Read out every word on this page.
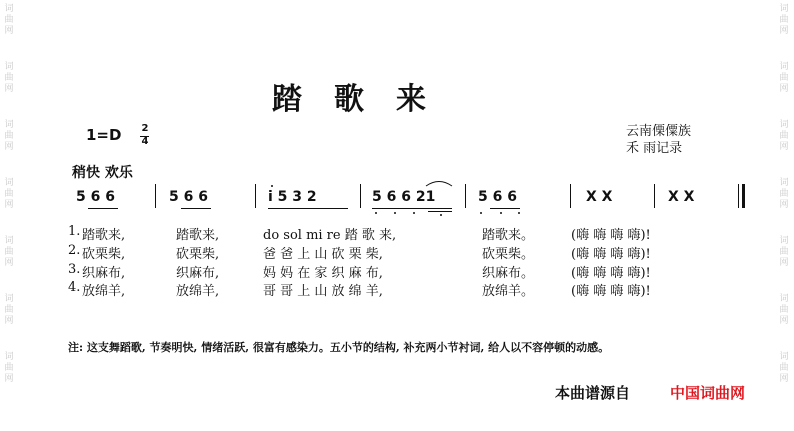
词
曲
网
词
曲
网
词
曲
网
词
曲
网
词
曲
网
词
曲
网
词
曲
网
词
曲
网
词
曲
网
词
曲
网
词
曲
网
词
曲
网
词
曲
网
词
曲
网
踏歌来
1=D 2
4
云南傈僳族
禾 雨记录
稍快 欢乐
5 6 6	5 6 6	i 5 3 2	5 6 6 21	5 6 6	X X	X X
1. 踏歌来,	踏歌来,	do sol mi re 踏 歌 来,	踏歌来。	(嗨 嗨 嗨 嗨)!
2. 砍栗柴,	砍栗柴,	爸 爸 上 山 砍 栗 柴,	砍栗柴。	(嗨 嗨 嗨 嗨)!
3. 织麻布,	织麻布,	妈 妈 在 家 织 麻 布,	织麻布。	(嗨 嗨 嗨 嗨)!
4. 放绵羊,	放绵羊,	哥 哥 上 山 放 绵 羊,	放绵羊。	(嗨 嗨 嗨 嗨)!
注: 这支舞蹈歌, 节奏明快, 情绪活跃, 很富有感染力。五小节的结构, 补充两小节衬词, 给人以不容停顿的动感。
本曲谱源自	中国词曲网
